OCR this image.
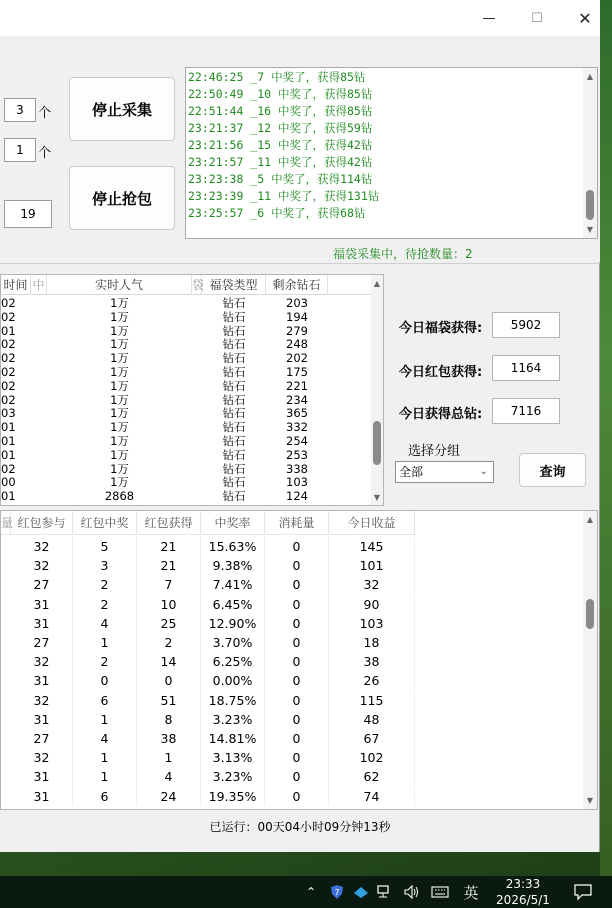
—	☐	✕
3	个
1	个
19
停止采集
停止抢包
22:46:25 _7 中奖了，获得85钻
22:50:49 _10 中奖了，获得85钻
22:51:44 _16 中奖了，获得85钻
23:21:37 _12 中奖了，获得59钻
23:21:56 _15 中奖了，获得42钻
23:21:57 _11 中奖了，获得42钻
23:23:38 _5 中奖了，获得114钻
23:23:39 _11 中奖了，获得131钻
23:25:57 _6 中奖了，获得68钻
▲
▼
福袋采集中，待抢数量：2
时间 中	实时人气	袋 福袋类型	剩余钻石
02	1万	钻石	203
02	1万	钻石	194
01	1万	钻石	279
02	1万	钻石	248
02	1万	钻石	202
02	1万	钻石	175
02	1万	钻石	221
02	1万	钻石	234
03	1万	钻石	365
01	1万	钻石	332
01	1万	钻石	254
01	1万	钻石	253
02	1万	钻石	338
00	1万	钻石	103
01	2868	钻石	124
▲
▼
今日福袋获得:	5902
今日红包获得:	1164
今日获得总钻:	7116
选择分组
全部	⌄	查询
量 红包参与	红包中奖	红包获得	中奖率	消耗量	今日收益
32	5	21	15.63%	0	145
32	3	21	9.38%	0	101
27	2	7	7.41%	0	32
31	2	10	6.45%	0	90
31	4	25	12.90%	0	103
27	1	2	3.70%	0	18
32	2	14	6.25%	0	38
31	0	0	0.00%	0	26
32	6	51	18.75%	0	115
31	1	8	3.23%	0	48
27	4	38	14.81%	0	67
32	1	1	3.13%	0	102
31	1	4	3.23%	0	62
31	6	24	19.35%	0	74
▲
▼
已运行：00天04小时09分钟13秒
⌃	7	英	23:33
2026/5/1
